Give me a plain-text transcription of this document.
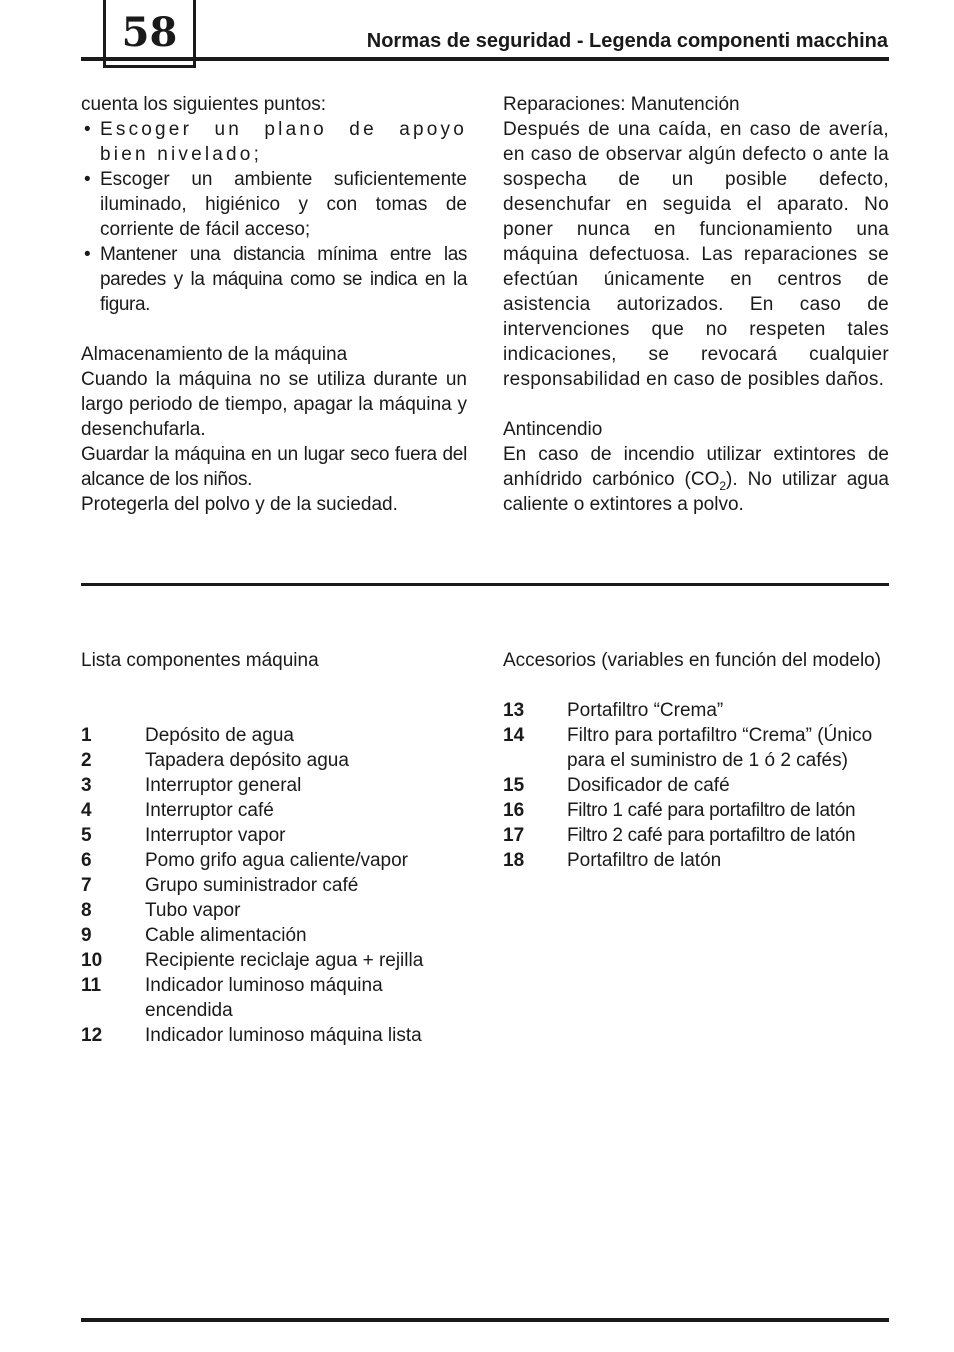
58	Normas de seguridad - Legenda componenti macchina

cuenta los siguientes puntos:

• Escoger un plano de apoyo bien nivelado;
• Escoger un ambiente suficientemente iluminado, higiénico y con tomas de corriente de fácil acceso;
• Mantener una distancia mínima entre las paredes y la máquina como se indica en la figura.
Almacenamiento de la máquina

Cuando la máquina no se utiliza durante un largo periodo de tiempo, apagar la máquina y desenchufarla.

Guardar la máquina en un lugar seco fuera del alcance de los niños.

Protegerla del polvo y de la suciedad.

Reparaciones: Manutención

Después de una caída, en caso de avería, en caso de observar algún defecto o ante la sospecha de un posible defecto, desenchufar en seguida el aparato. No poner nunca en funcionamiento una máquina defectuosa. Las reparaciones se efectúan únicamente en centros de asistencia autorizados. En caso de intervenciones que no respeten tales indicaciones, se revocará cualquier responsabilidad en caso de posibles daños.

Antincendio

En caso de incendio utilizar extintores de anhídrido carbónico $(CO_2)$. No utilizar agua caliente o extintores a polvo.

Lista componentes máquina
1	Depósito de agua
2	Tapadera depósito agua
3	Interruptor general
4	Interruptor café
5	Interruptor vapor
6	Pomo grifo agua caliente/vapor
7	Grupo suministrador café
8	Tubo vapor
9	Cable alimentación
10	Recipiente reciclaje agua + rejilla
11	Indicador luminoso máquina encendida
12	Indicador luminoso máquina lista

Accesorios (variables en función del modelo)

13	Portafiltro “Crema”
14	Filtro para portafiltro “Crema” (Único para el suministro de 1 ó 2 cafés)
15	Dosificador de café
16	Filtro 1 café para portafiltro de latón
17	Filtro 2 café para portafiltro de latón
18	Portafiltro de latón
